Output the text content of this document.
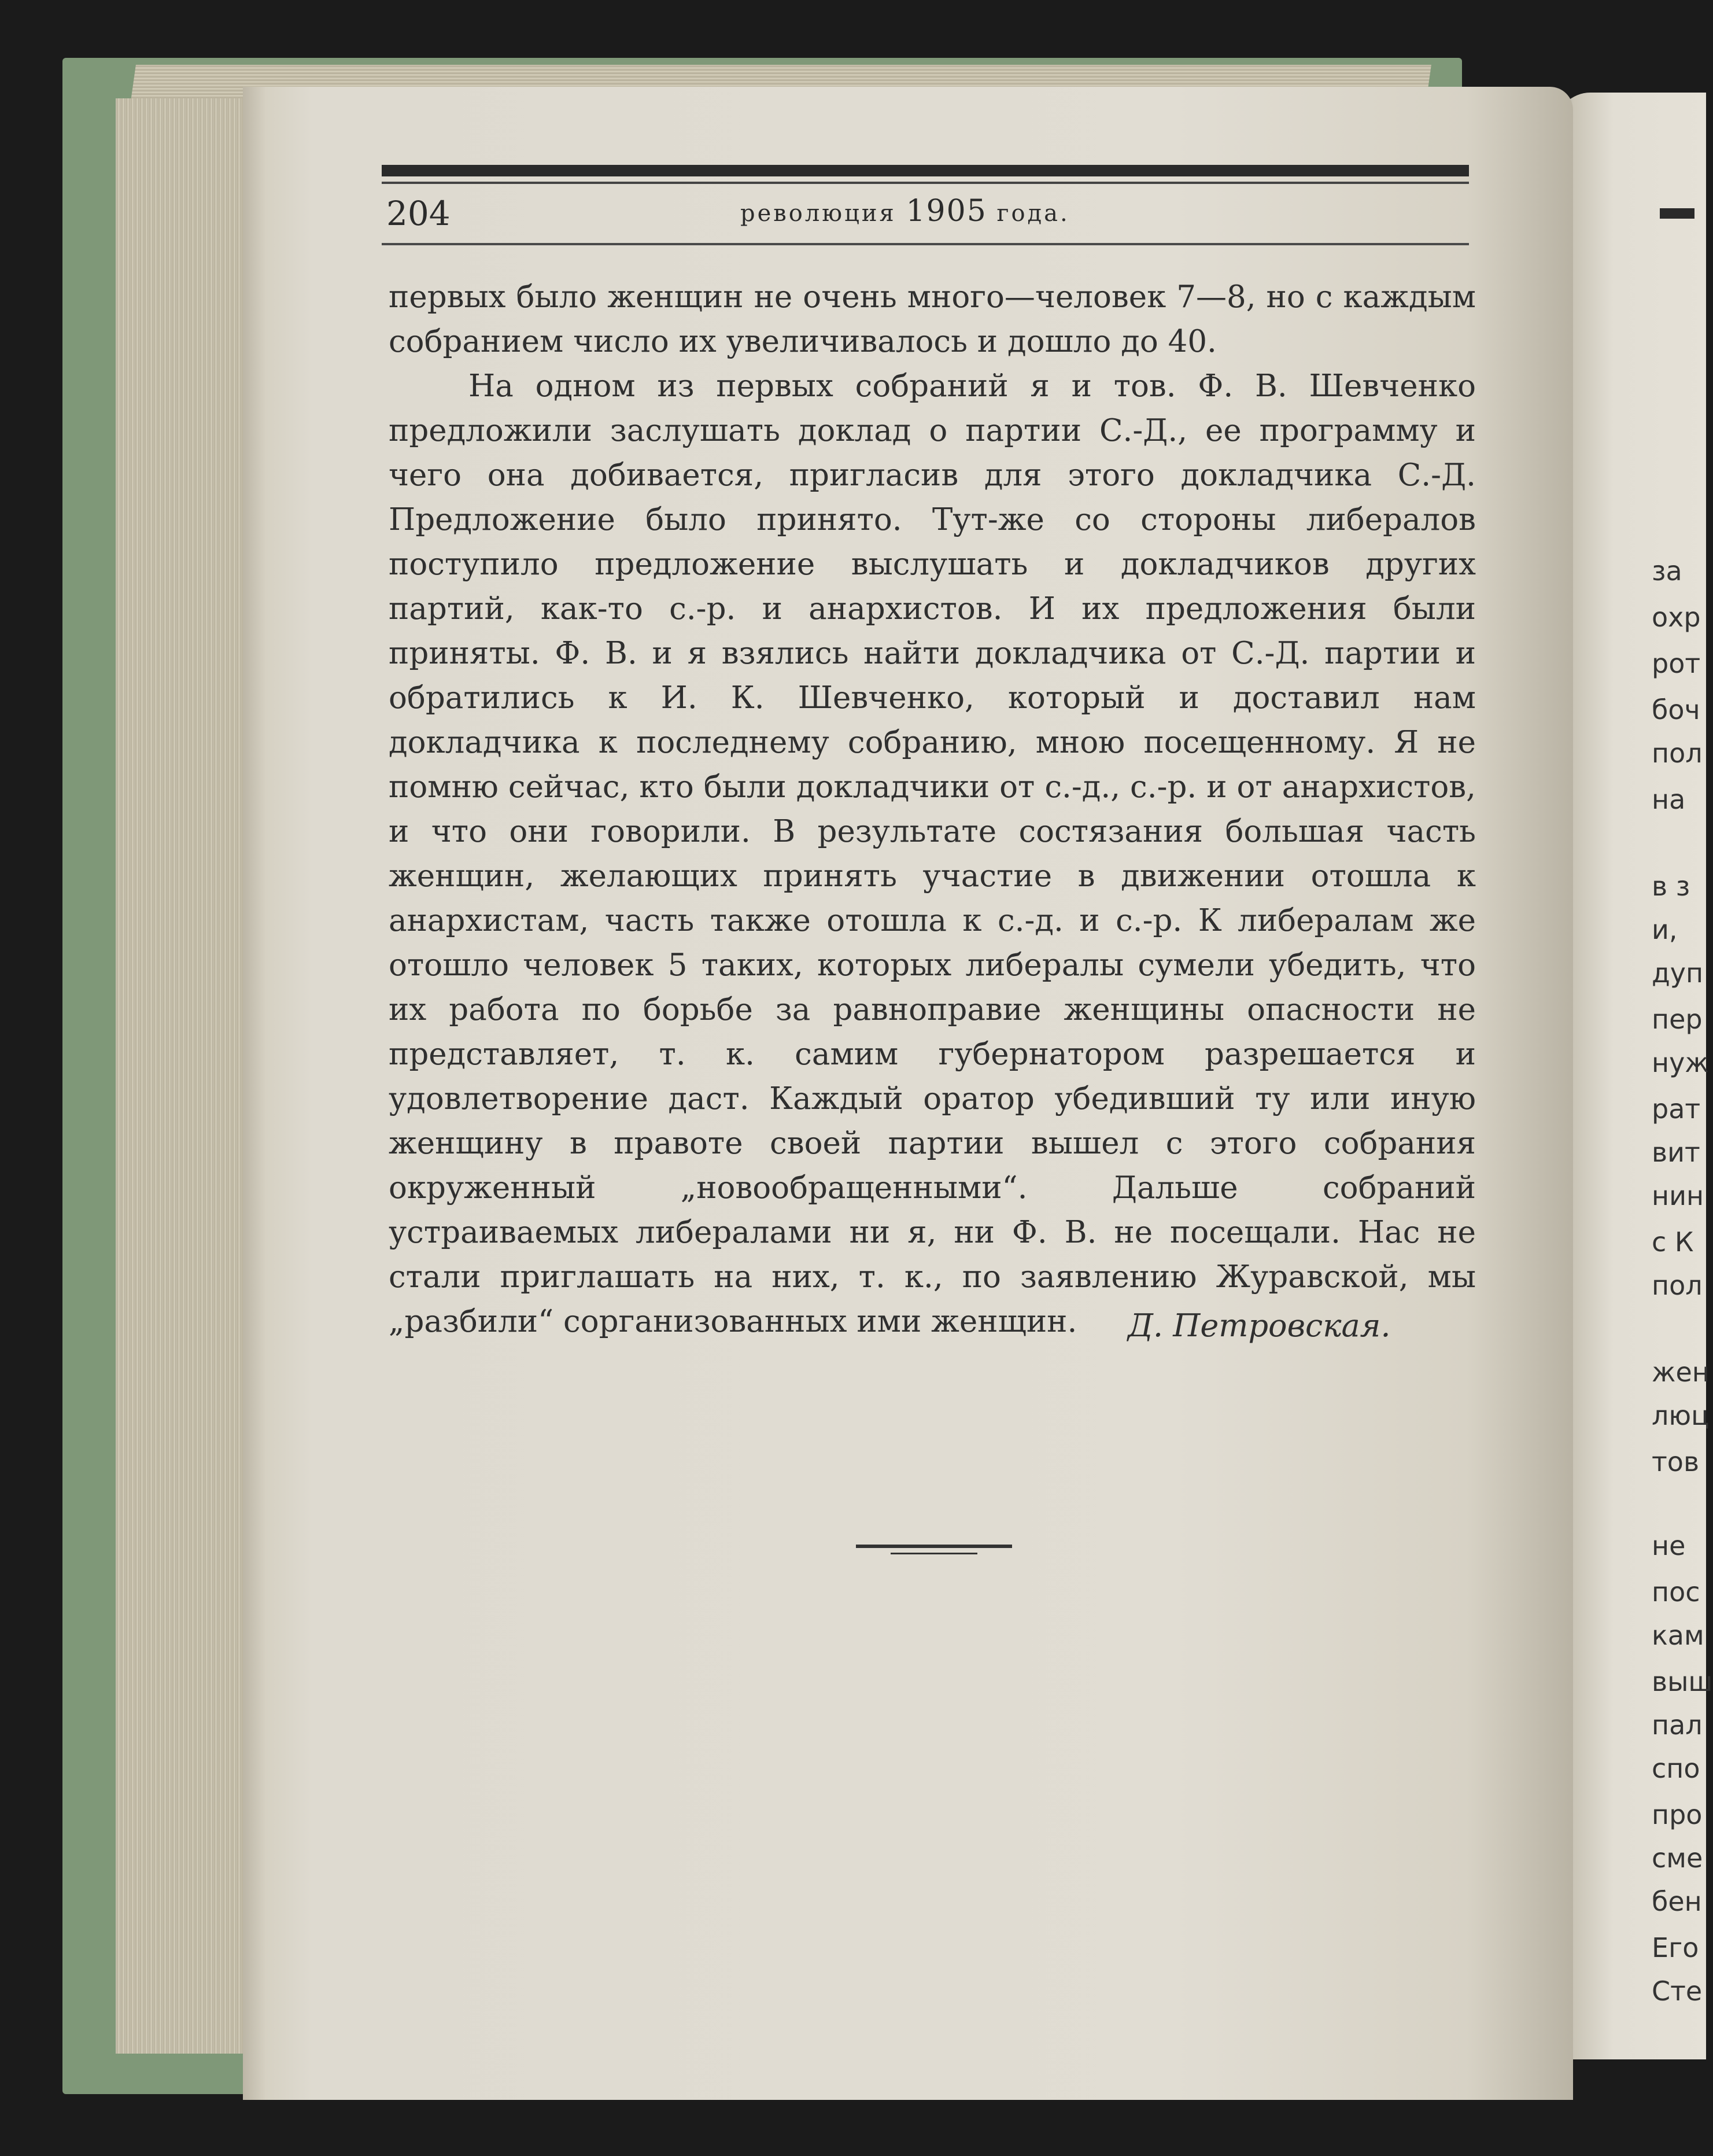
204	революция 1905 года.

первых было женщин не очень много—человек 7—8, но с каждым собранием число их увеличивалось и дошло до 40.

На одном из первых собраний я и тов. Ф. В. Шевченко предложили заслушать доклад о партии С.-Д., ее программу и чего она добивается, пригласив для этого докладчика С.-Д. Предложение было принято. Тут-же со стороны либералов поступило предложение выслушать и докладчиков других партий, как-то с.-р. и анархистов. И их предложения были приняты. Ф. В. и я взялись найти докладчика от С.-Д. партии и обратились к И. К. Шевченко, который и доставил нам докладчика к последнему собранию, мною посещенному. Я не помню сейчас, кто были докладчики от с.-д., с.-р. и от анархистов, и что они говорили. В результате состязания большая часть женщин, желающих принять участие в движении отошла к анархистам, часть также отошла к с.-д. и с.-р. К либералам же отошло человек 5 таких, которых либералы сумели убедить, что их работа по борьбе за равноправие женщины опасности не представляет, т. к. самим губернатором разрешается и удовлетворение даст. Каждый оратор убедивший ту или иную женщину в правоте своей партии вышел с этого собрания окруженный „новообращенными“. Дальше собраний устраиваемых либералами ни я, ни Ф. В. не посещали. Нас не стали приглашать на них, т. к., по заявлению Журавской, мы „разбили“ сорганизованных ими женщин.	Д. Петровская.
за
охр
рот
боч
пол
на
в з
и,
дуп
пер
нуж
рат
вит
нин
с К
пол
жен
люц
тов
не
пос
кам
выш
пал
спо
про
сме
бен
Его
Сте
